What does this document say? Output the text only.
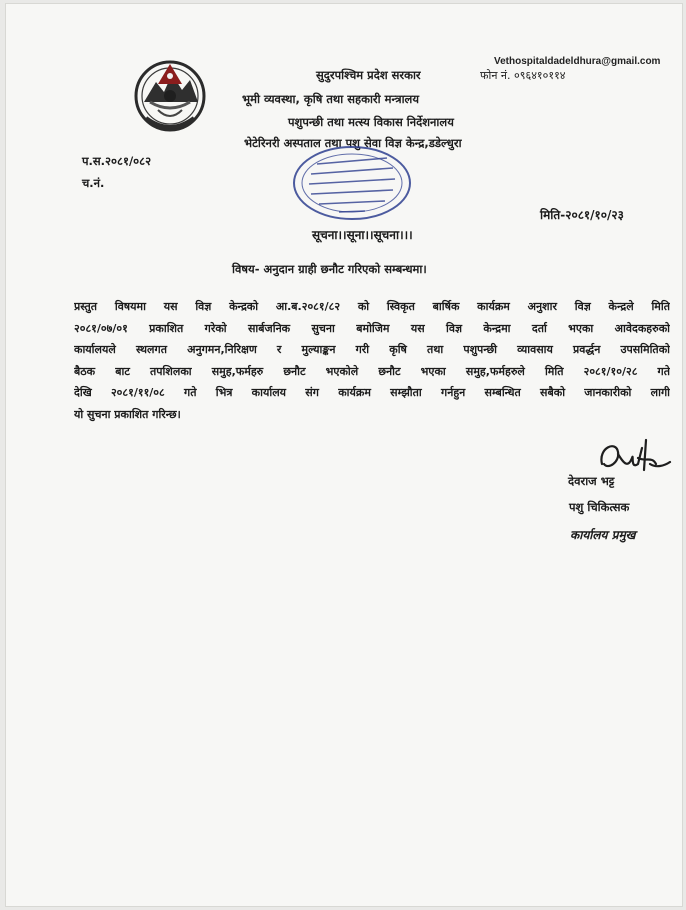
Vethospitaldadeldhura@gmail.com
सुदुरपश्चिम प्रदेश सरकार	फोन नं. ०९६४१०११४
भूमी व्यवस्था, कृषि तथा सहकारी मन्त्रालय
पशुपन्छी तथा मत्स्य विकास निर्देशनालय
भेटेरिनरी अस्पताल तथा पशु सेवा विज्ञ केन्द्र,डडेल्धुरा
प.स.२०८१/०८२
च.नं.
मिति-२०८१/१०/२३
सूचना।।सूना।।सूचना।।।
विषय- अनुदान ग्राही छनौट गरिएको सम्बन्धमा।
प्रस्तुत विषयमा यस विज्ञ केन्द्रको आ.ब.२०८१/८२ को स्विकृत बार्षिक कार्यक्रम अनुशार विज्ञ केन्द्रले मिति
२०८१/०७/०१ प्रकाशित गरेको सार्बजनिक सुचना बमोजिम यस विज्ञ केन्द्रमा दर्ता भएका आवेदकहरुको
कार्यालयले स्थलगत अनुगमन,निरिक्षण र मुल्याङ्कन गरी कृषि तथा पशुपन्छी व्यावसाय प्रवर्द्धन उपसमितिको
बैठक बाट तपशिलका समुह,फर्महरु छनौट भएकोले छनौट भएका समुह,फर्महरुले मिति २०८१/१०/२८ गते
देखि २०८१/११/०८ गते भित्र कार्यालय संग कार्यक्रम सम्झौता गर्नहुन सम्बन्धित सबैको जानकारीको लागी
यो सुचना प्रकाशित गरिन्छ।
देवराज भट्ट
पशु चिकित्सक
कार्यालय प्रमुख
